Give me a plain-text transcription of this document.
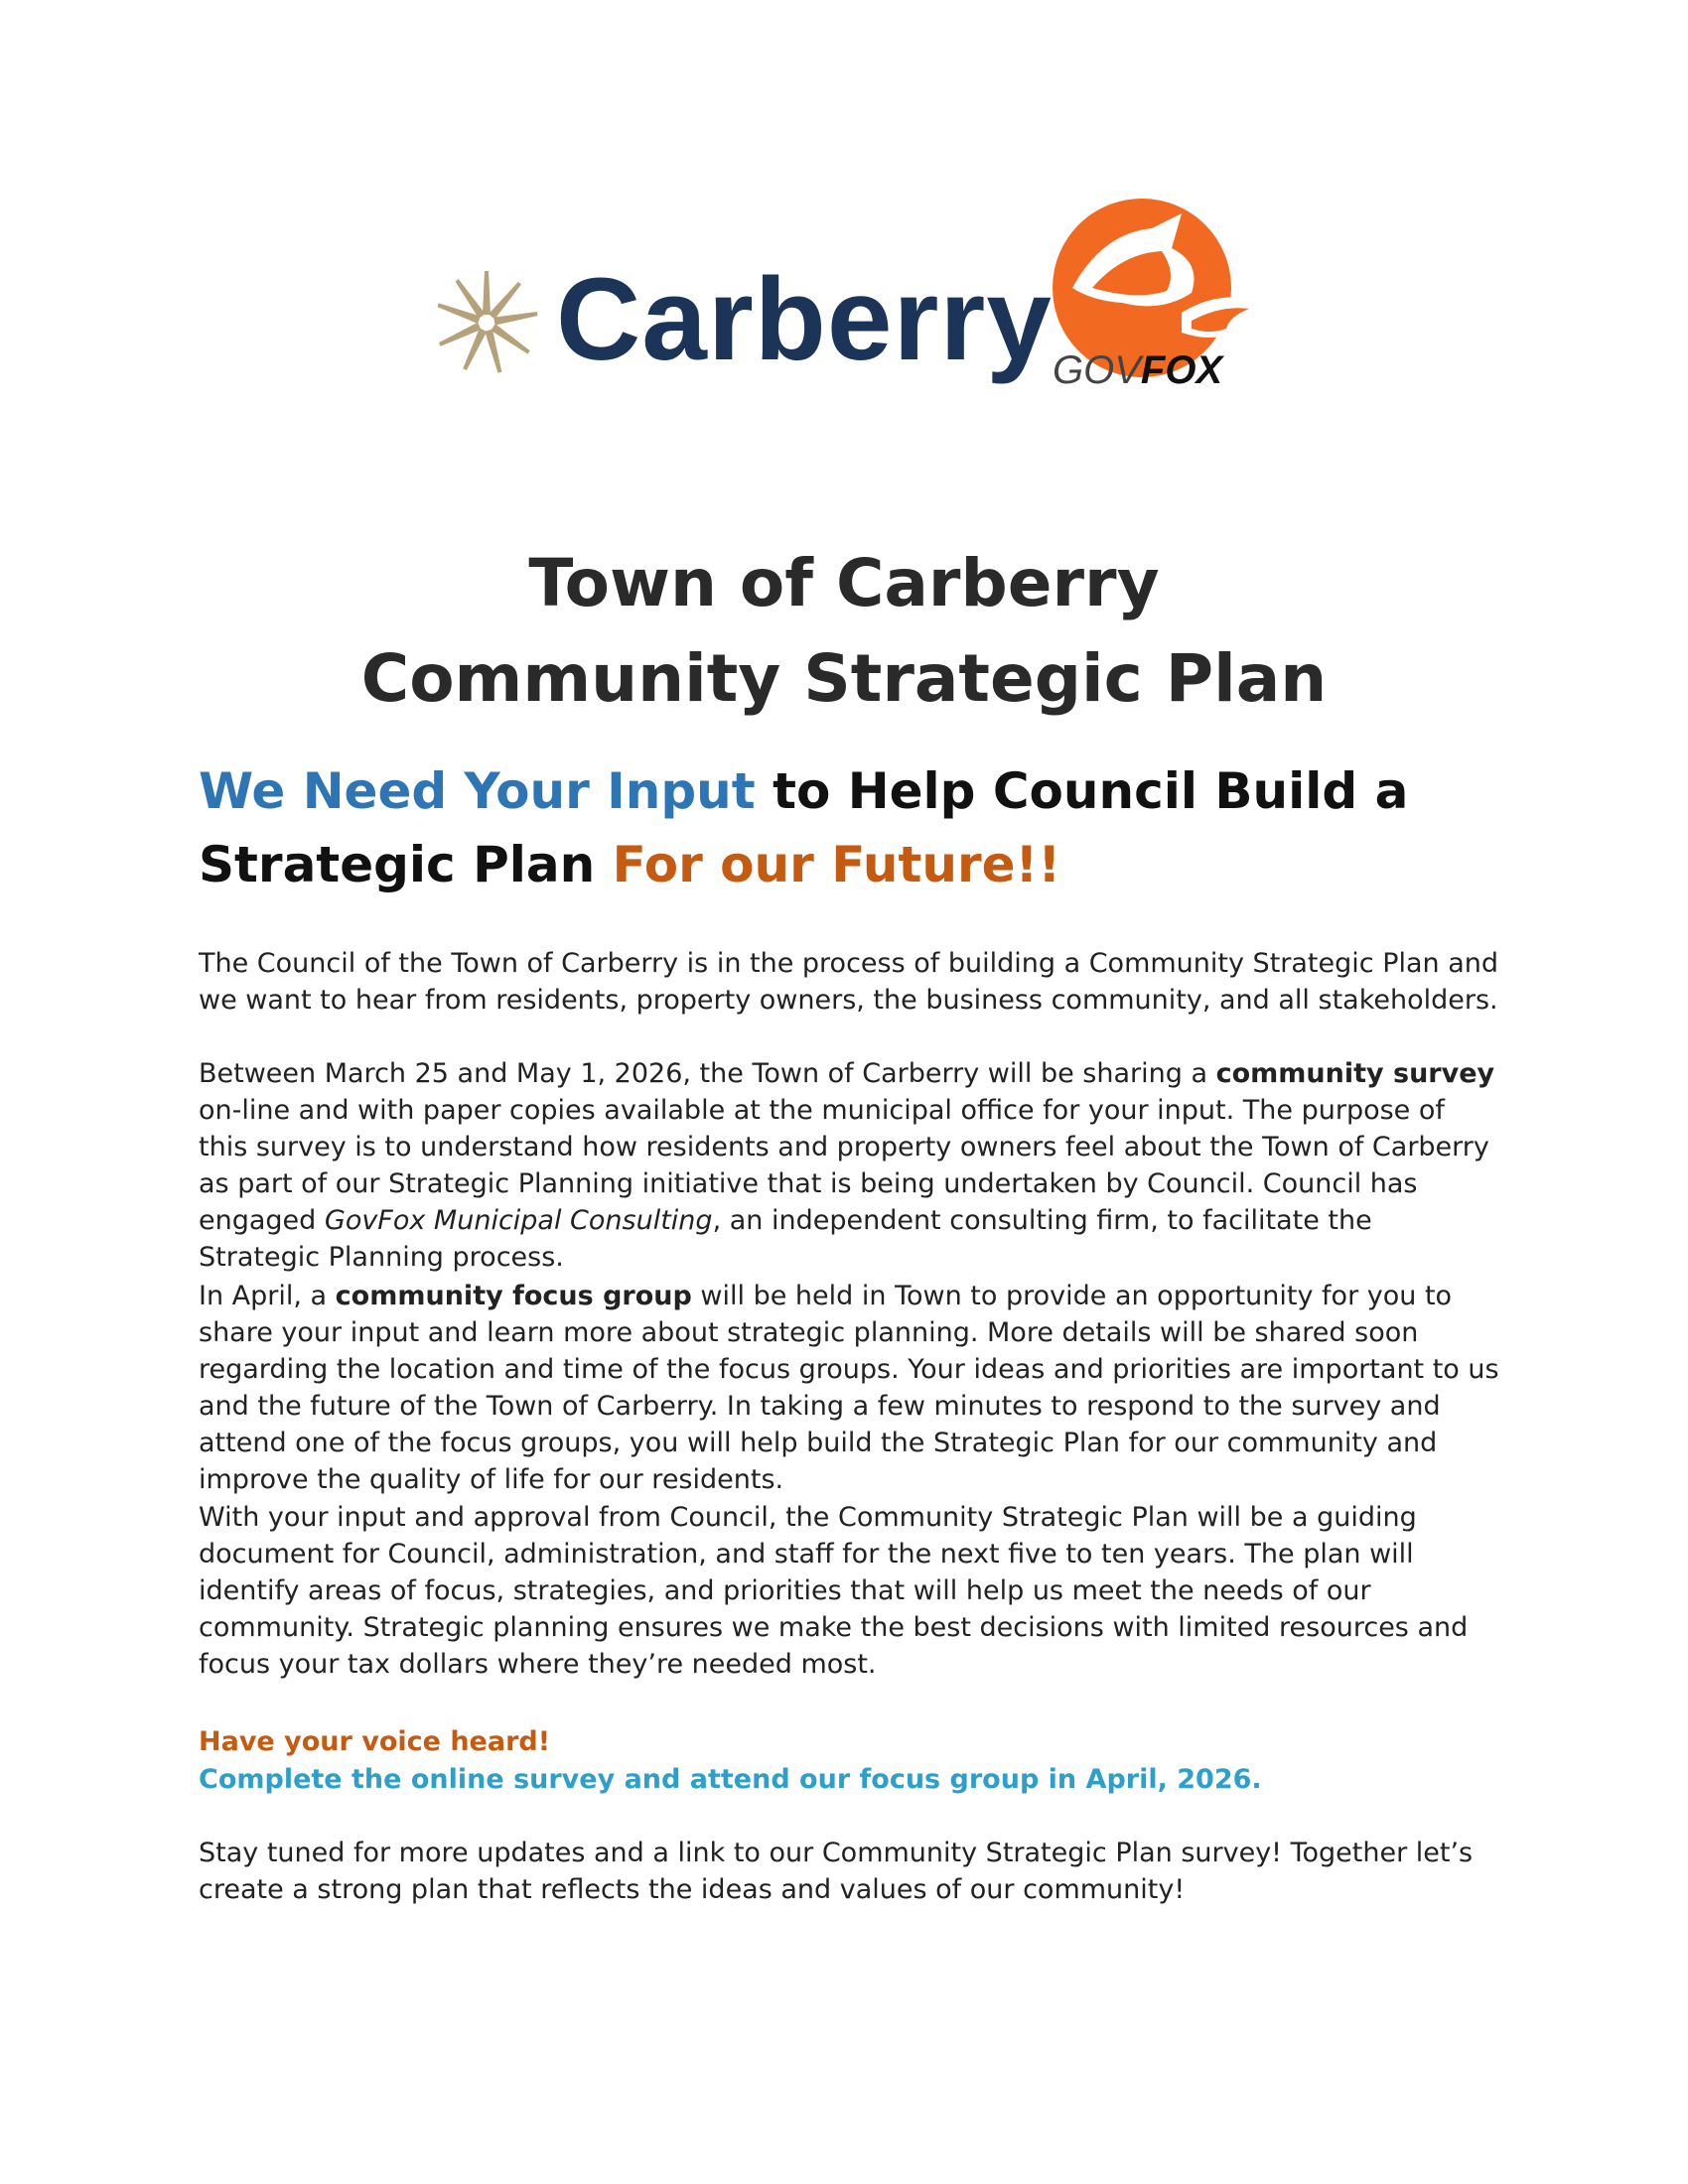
Carberry GOVFOX
Town of Carberry
Community Strategic Plan
We Need Your Input to Help Council Build a
Strategic Plan For our Future!!

The Council of the Town of Carberry is in the process of building a Community Strategic Plan and we want to hear from residents, property owners, the business community, and all stakeholders.

Between March 25 and May 1, 2026, the Town of Carberry will be sharing a community survey on-line and with paper copies available at the municipal office for your input. The purpose of this survey is to understand how residents and property owners feel about the Town of Carberry as part of our Strategic Planning initiative that is being undertaken by Council. Council has engaged GovFox Municipal Consulting, an independent consulting firm, to facilitate the Strategic Planning process.

In April, a community focus group will be held in Town to provide an opportunity for you to share your input and learn more about strategic planning. More details will be shared soon regarding the location and time of the focus groups. Your ideas and priorities are important to us and the future of the Town of Carberry. In taking a few minutes to respond to the survey and attend one of the focus groups, you will help build the Strategic Plan for our community and improve the quality of life for our residents.

With your input and approval from Council, the Community Strategic Plan will be a guiding document for Council, administration, and staff for the next five to ten years. The plan will identify areas of focus, strategies, and priorities that will help us meet the needs of our community. Strategic planning ensures we make the best decisions with limited resources and focus your tax dollars where they’re needed most.

Have your voice heard!
Complete the online survey and attend our focus group in April, 2026.

Stay tuned for more updates and a link to our Community Strategic Plan survey! Together let’s create a strong plan that reflects the ideas and values of our community!
